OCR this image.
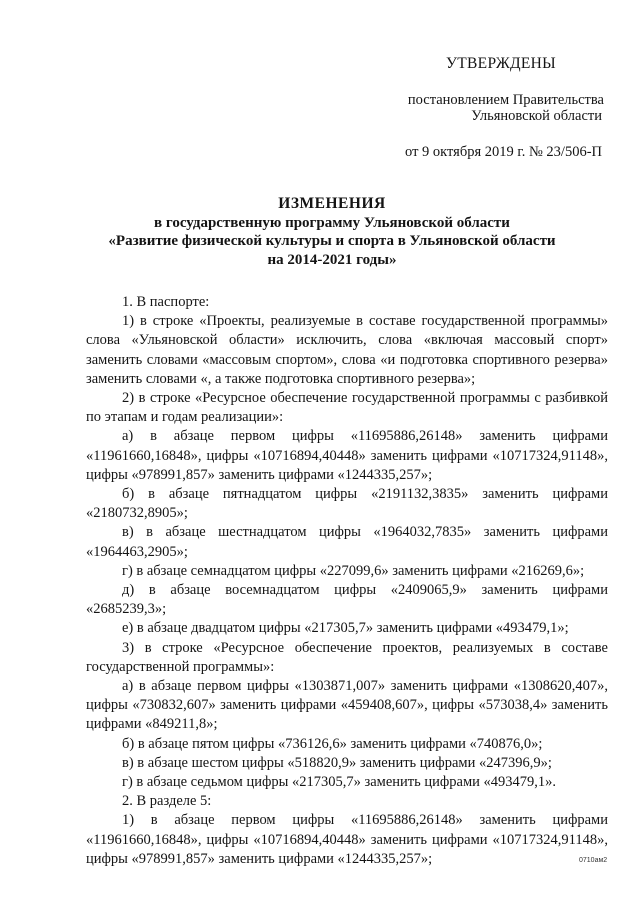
УТВЕРЖДЕНЫ
постановлением Правительства
Ульяновской области
от 9 октября 2019 г. № 23/506-П
ИЗМЕНЕНИЯ
в государственную программу Ульяновской области
«Развитие физической культуры и спорта в Ульяновской области
на 2014-2021 годы»

1. В паспорте:

1) в строке «Проекты, реализуемые в составе государственной программы» слова «Ульяновской области» исключить, слова «включая массовый спорт» заменить словами «массовым спортом», слова «и подготовка спортивного резерва» заменить словами «, а также подготовка спортивного резерва»;

2) в строке «Ресурсное обеспечение государственной программы с разбивкой по этапам и годам реализации»:

а) в абзаце первом цифры «11695886,26148» заменить цифрами «11961660,16848», цифры «10716894,40448» заменить цифрами «10717324,91148», цифры «978991,857» заменить цифрами «1244335,257»;

б) в абзаце пятнадцатом цифры «2191132,3835» заменить цифрами «2180732,8905»;

в) в абзаце шестнадцатом цифры «1964032,7835» заменить цифрами «1964463,2905»;

г) в абзаце семнадцатом цифры «227099,6» заменить цифрами «216269,6»;

д) в абзаце восемнадцатом цифры «2409065,9» заменить цифрами «2685239,3»;

е) в абзаце двадцатом цифры «217305,7» заменить цифрами «493479,1»;

3) в строке «Ресурсное обеспечение проектов, реализуемых в составе государственной программы»:

а) в абзаце первом цифры «1303871,007» заменить цифрами «1308620,407», цифры «730832,607» заменить цифрами «459408,607», цифры «573038,4» заменить цифрами «849211,8»;

б) в абзаце пятом цифры «736126,6» заменить цифрами «740876,0»;

в) в абзаце шестом цифры «518820,9» заменить цифрами «247396,9»;

г) в абзаце седьмом цифры «217305,7» заменить цифрами «493479,1».

2. В разделе 5:

1) в абзаце первом цифры «11695886,26148» заменить цифрами «11961660,16848», цифры «10716894,40448» заменить цифрами «10717324,91148», цифры «978991,857» заменить цифрами «1244335,257»;	0710ам2
